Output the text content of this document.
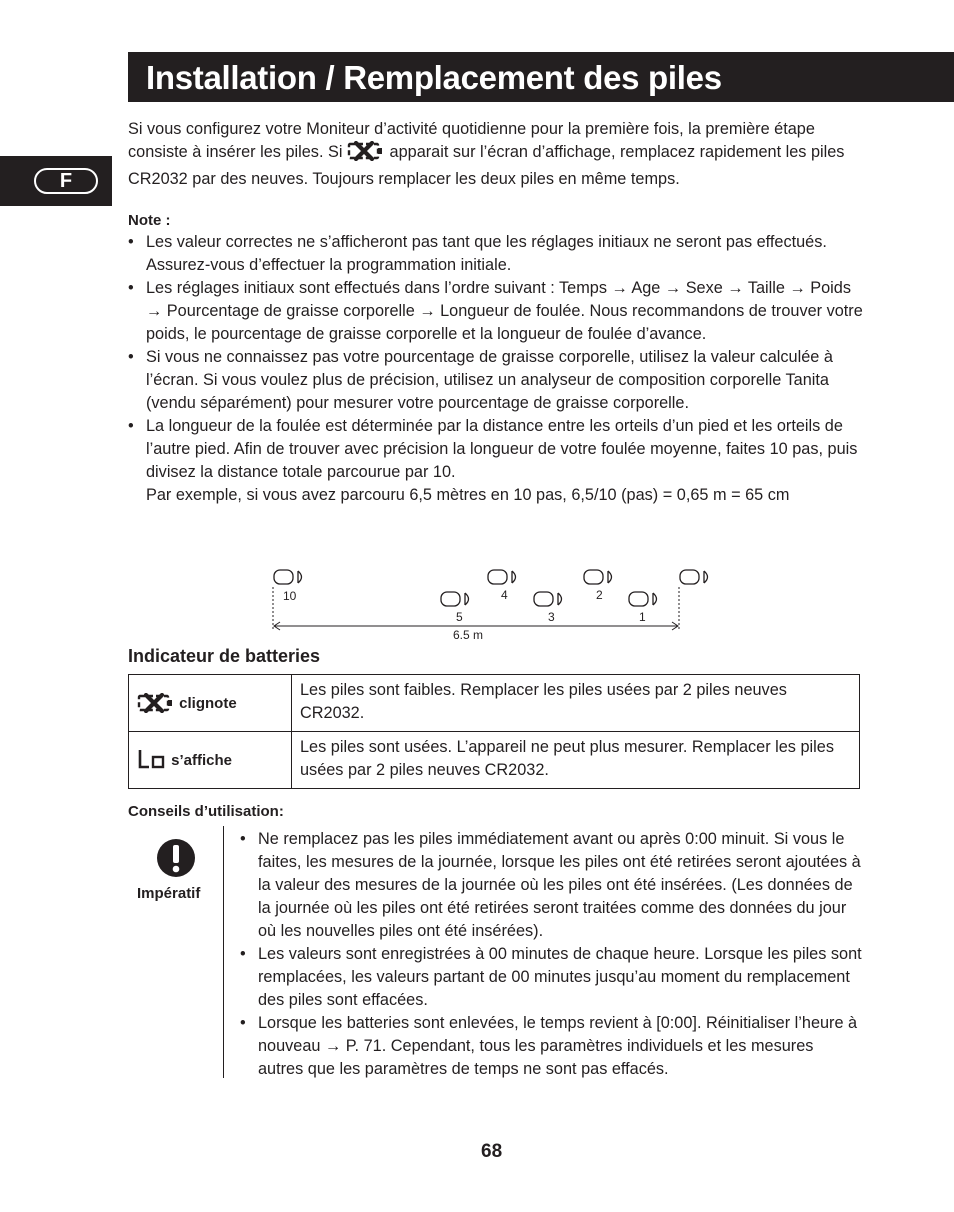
Installation / Remplacement des piles
F
Si vous configurez votre Moniteur d’activité quotidienne pour la première fois, la première étape consiste à insérer les piles. Si  apparait sur l’écran d’affichage, remplacez rapidement les piles CR2032 par des neuves. Toujours remplacer les deux piles en même temps.
Note :
• Les valeur correctes ne s’afficheront pas tant que les réglages initiaux ne seront pas effectués. Assurez-vous d’effectuer la programmation initiale.
• Les réglages initiaux sont effectués dans l’ordre suivant : Temps → Age → Sexe → Taille → Poids → Pourcentage de graisse corporelle → Longueur de foulée. Nous recommandons de trouver votre poids, le pourcentage de graisse corporelle et la longueur de foulée d’avance.
• Si vous ne connaissez pas votre pourcentage de graisse corporelle, utilisez la valeur calculée à l’écran. Si vous voulez plus de précision, utilisez un analyseur de composition corporelle Tanita (vendu séparément) pour mesurer votre pourcentage de graisse corporelle.
• La longueur de la foulée est déterminée par la distance entre les orteils d’un pied et les orteils de l’autre pied. Afin de trouver avec précision la longueur de votre foulée moyenne, faites 10 pas, puis divisez la distance totale parcourue par 10.
Par exemple, si vous avez parcouru 6,5 mètres en 10 pas, 6,5/10 (pas) = 0,65 m = 65 cm
10
5
4
3
2
1
6.5 m
Indicateur de batteries
clignote	Les piles sont faibles. Remplacer les piles usées par 2 piles neuves CR2032.
s’affiche	Les piles sont usées. L’appareil ne peut plus mesurer. Remplacer les piles usées par 2 piles neuves CR2032.
Conseils d’utilisation:
Impératif
• Ne remplacez pas les piles immédiatement avant ou après 0:00 minuit. Si vous le faites, les mesures de la journée, lorsque les piles ont été retirées seront ajoutées à la valeur des mesures de la journée où les piles ont été insérées. (Les données de la journée où les piles ont été retirées seront traitées comme des données du jour où les nouvelles piles ont été insérées).
• Les valeurs sont enregistrées à 00 minutes de chaque heure. Lorsque les piles sont remplacées, les valeurs partant de 00 minutes jusqu’au moment du remplacement des piles sont effacées.
• Lorsque les batteries sont enlevées, le temps revient à [0:00]. Réinitialiser l’heure à nouveau → P. 71. Cependant, tous les paramètres individuels et les mesures autres que les paramètres de temps ne sont pas effacés.
68
